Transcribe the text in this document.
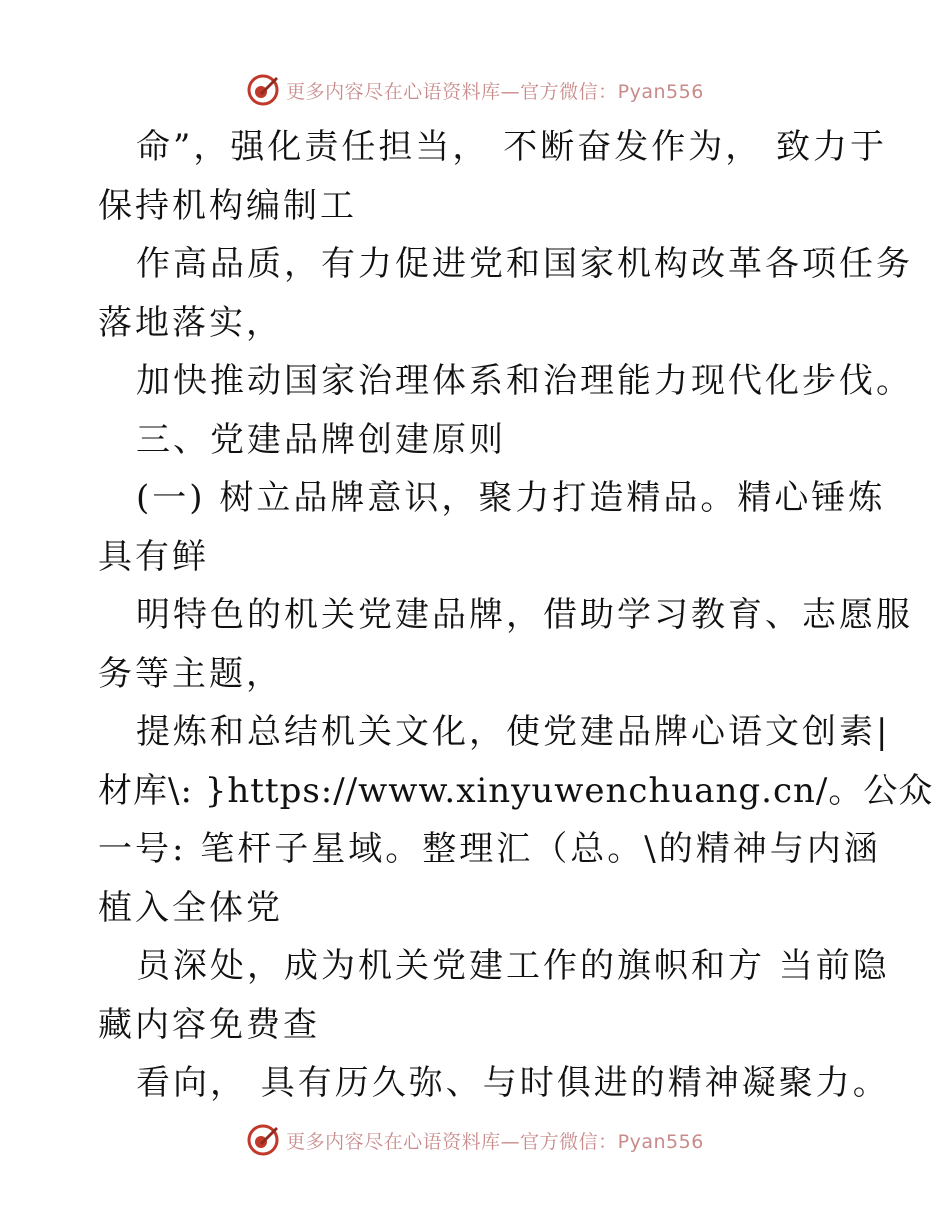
更多内容尽在心语资料库—官方微信：Pyan556
命”，强化责任担当， 不断奋发作为， 致力于
保持机构编制工
作高品质，有力促进党和国家机构改革各项任务
落地落实，
加快推动国家治理体系和治理能力现代化步伐。
三、党建品牌创建原则
(一) 树立品牌意识，聚力打造精品。精心锤炼
具有鲜
明特色的机关党建品牌，借助学习教育、志愿服
务等主题，
提炼和总结机关文化，使党建品牌心语文创素|
材库\: }https://www.xinyuwenchuang.cn/。公众
一号: 笔杆子星域。整理汇（总。\的精神与内涵
植入全体党
员深处，成为机关党建工作的旗帜和方 当前隐
藏内容免费查
看向， 具有历久弥、与时俱进的精神凝聚力。
更多内容尽在心语资料库—官方微信：Pyan556
